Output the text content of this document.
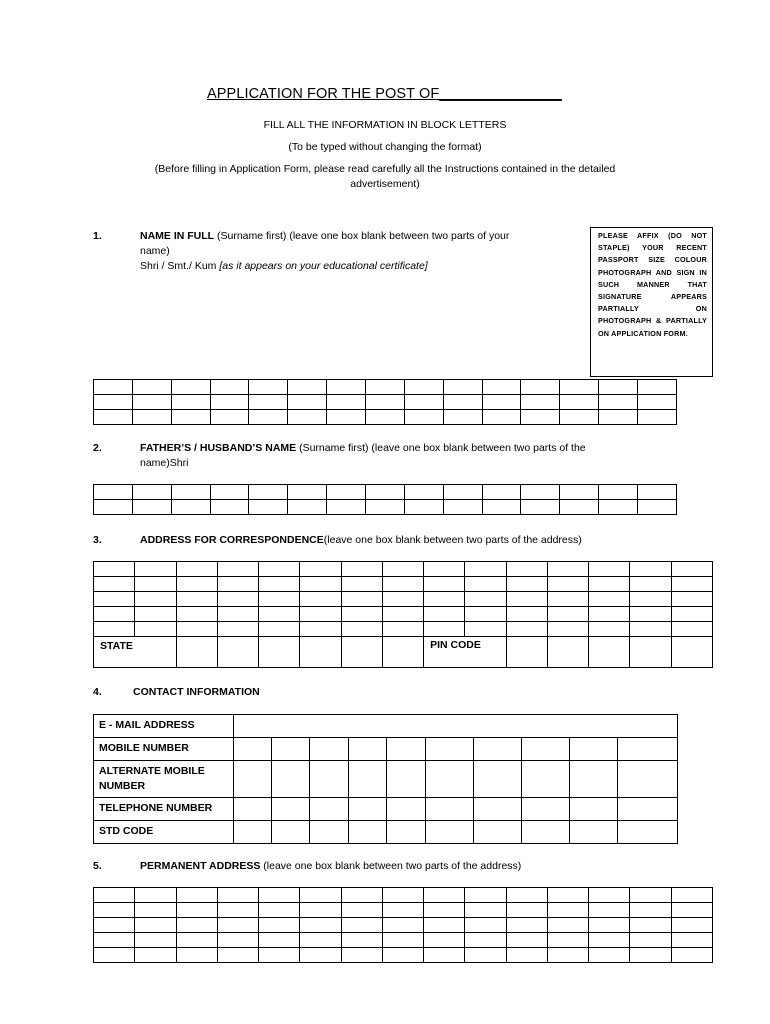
APPLICATION FOR THE POST OF_______________
FILL ALL THE INFORMATION IN BLOCK LETTERS
(To be typed without changing the format)
(Before filling in Application Form, please read carefully all the Instructions contained in the detailed
advertisement)
1.	NAME IN FULL (Surname first) (leave one box blank between two parts of your
name)
Shri / Smt./ Kum [as it appears on your educational certificate]
PLEASE AFFIX (DO NOT STAPLE) YOUR RECENT PASSPORT SIZE COLOUR PHOTOGRAPH AND SIGN IN SUCH MANNER THAT SIGNATURE APPEARS PARTIALLY ON PHOTOGRAPH & PARTIALLY ON APPLICATION FORM.

2.	FATHER’S / HUSBAND’S NAME (Surname first) (leave one box blank between two parts of the
name)Shri

3.	ADDRESS FOR CORRESPONDENCE(leave one box blank between two parts of the address)

STATE								PIN CODE						
4.	CONTACT INFORMATION
E - MAIL ADDRESS										
MOBILE NUMBER										
ALTERNATE MOBILE NUMBER										
TELEPHONE NUMBER										
STD CODE										
5.	PERMANENT ADDRESS (leave one box blank between two parts of the address)
